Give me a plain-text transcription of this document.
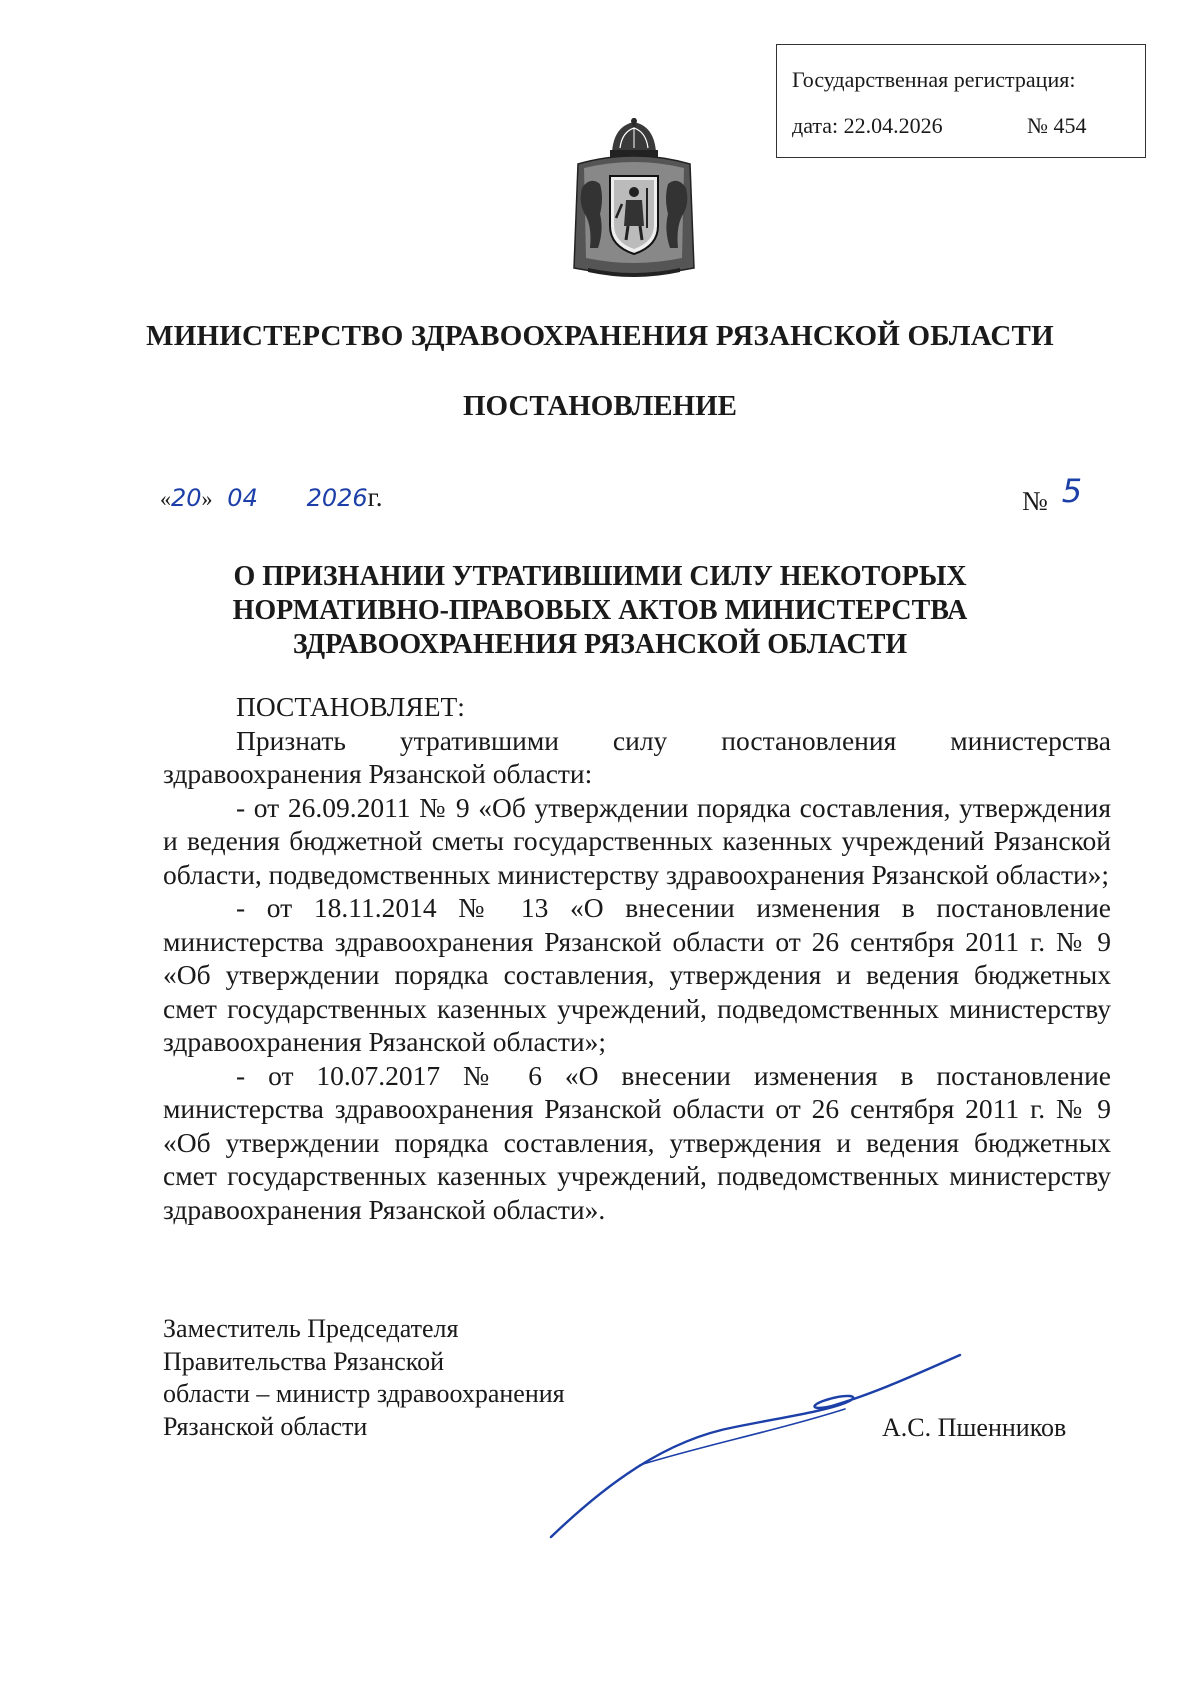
Государственная регистрация:
дата: 22.04.2026	№ 454
МИНИСТЕРСТВО ЗДРАВООХРАНЕНИЯ РЯЗАНСКОЙ ОБЛАСТИ
ПОСТАНОВЛЕНИЕ
«20» 04 2026г.	№ 5
О ПРИЗНАНИИ УТРАТИВШИМИ СИЛУ НЕКОТОРЫХ
НОРМАТИВНО-ПРАВОВЫХ АКТОВ МИНИСТЕРСТВА
ЗДРАВООХРАНЕНИЯ РЯЗАНСКОЙ ОБЛАСТИ

ПОСТАНОВЛЯЕТ:

Признать утратившими силу постановления министерства здравоохранения Рязанской области:

- от 26.09.2011 № 9 «Об утверждении порядка составления, утверждения и ведения бюджетной сметы государственных казенных учреждений Рязанской области, подведомственных министерству здравоохранения Рязанской области»;

- от 18.11.2014 № 13 «О внесении изменения в постановление министерства здравоохранения Рязанской области от 26 сентября 2011 г. № 9 «Об утверждении порядка составления, утверждения и ведения бюджетных смет государственных казенных учреждений, подведомственных министерству здравоохранения Рязанской области»;

- от 10.07.2017 № 6 «О внесении изменения в постановление министерства здравоохранения Рязанской области от 26 сентября 2011 г. № 9 «Об утверждении порядка составления, утверждения и ведения бюджетных смет государственных казенных учреждений, подведомственных министерству здравоохранения Рязанской области».

Заместитель Председателя
Правительства Рязанской
области – министр здравоохранения
Рязанской области	А.С. Пшенников
